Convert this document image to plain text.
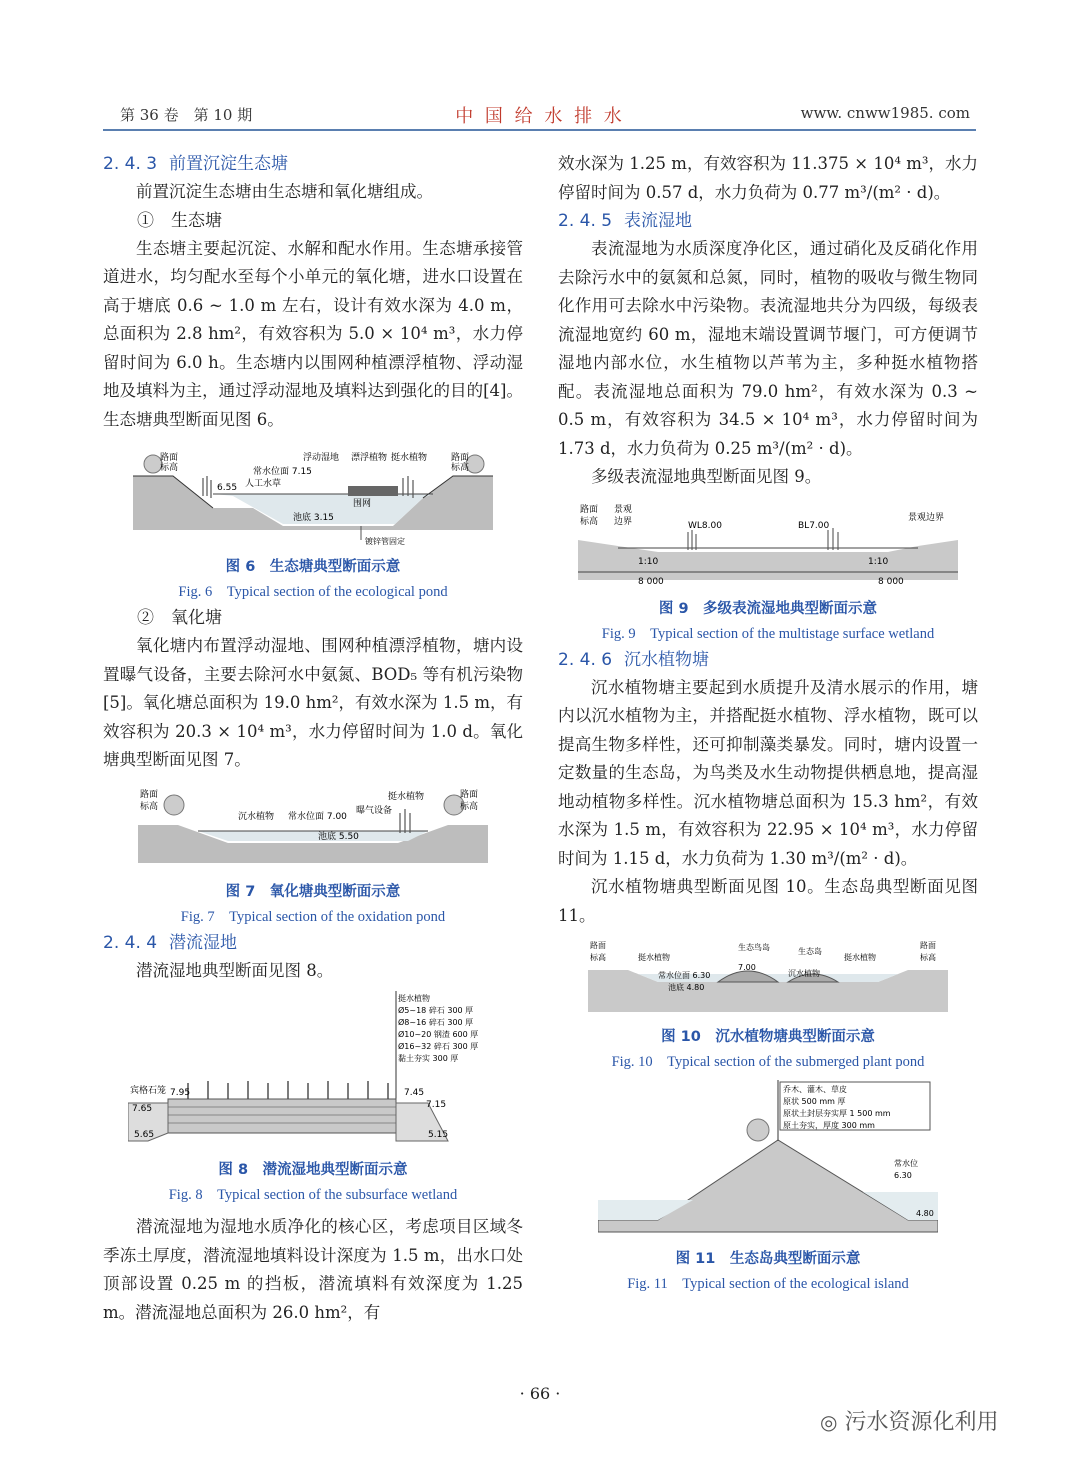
第 36 卷　第 10 期	中 国 给 水 排 水	www. cnww1985. com
2. 4. 3 前置沉淀生态塘
前置沉淀生态塘由生态塘和氧化塘组成。
①　生态塘
生态塘主要起沉淀、水解和配水作用。生态塘承接管道进水，均匀配水至每个小单元的氧化塘，进水口设置在高于塘底 0.6 ~ 1.0 m 左右，设计有效水深为 4.0 m，总面积为 2.8 hm²，有效容积为 5.0 × 10⁴ m³，水力停留时间为 6.0 h。生态塘内以围网种植漂浮植物、浮动湿地及填料为主，通过浮动湿地及填料达到强化的目的[4]。生态塘典型断面见图 6。
路面
标高	常水位面 7.15
浮动湿地 漂浮植物 挺水植物
6.55 人工水草
围网
池底 3.15
镀锌管固定
路面
标高
图 6　生态塘典型断面示意
Fig. 6　Typical section of the ecological pond
②　氧化塘
氧化塘内布置浮动湿地、围网种植漂浮植物，塘内设置曝气设备，主要去除河水中氨氮、BOD₅ 等有机污染物[5]。氧化塘总面积为 19.0 hm²，有效水深为 1.5 m，有效容积为 20.3 × 10⁴ m³，水力停留时间为 1.0 d。氧化塘典型断面见图 7。
路面
标高
挺水植物
沉水植物 常水位面 7.00
曝气设备
池底 5.50
路面
标高
图 7　氧化塘典型断面示意
Fig. 7　Typical section of the oxidation pond
2. 4. 4 潜流湿地
潜流湿地典型断面见图 8。
挺水植物
Ø5~18 碎石 300 厚
Ø8~16 碎石 300 厚
Ø10~20 钢渣 600 厚
Ø16~32 碎石 300 厚
黏土夯实 300 厚
宾格石笼
7.65
7.95
5.65
7.45
7.15
5.15
图 8　潜流湿地典型断面示意
Fig. 8　Typical section of the subsurface wetland
潜流湿地为湿地水质净化的核心区，考虑项目区域冬季冻土厚度，潜流湿地填料设计深度为 1.5 m，出水口处顶部设置 0.25 m 的挡板，潜流填料有效深度为 1.25 m。潜流湿地总面积为 26.0 hm²，有
效水深为 1.25 m，有效容积为 11.375 × 10⁴ m³，水力停留时间为 0.57 d，水力负荷为 0.77 m³/(m² · d)。
2. 4. 5 表流湿地
表流湿地为水质深度净化区，通过硝化及反硝化作用去除污水中的氨氮和总氮，同时，植物的吸收与微生物同化作用可去除水中污染物。表流湿地共分为四级，每级表流湿地宽约 60 m，湿地末端设置调节堰门，可方便调节湿地内部水位，水生植物以芦苇为主，多种挺水植物搭配。表流湿地总面积为 79.0 hm²，有效水深为 0.3 ~ 0.5 m，有效容积为 34.5 × 10⁴ m³，水力停留时间为 1.73 d，水力负荷为 0.25 m³/(m² · d)。
多级表流湿地典型断面见图 9。
路面
标高
景观
边界	WL8.00
1:10
8 000
BL7.00
1:10
8 000
景观边界
图 9　多级表流湿地典型断面示意
Fig. 9　Typical section of the multistage surface wetland
2. 4. 6 沉水植物塘
沉水植物塘主要起到水质提升及清水展示的作用，塘内以沉水植物为主，并搭配挺水植物、浮水植物，既可以提高生物多样性，还可抑制藻类暴发。同时，塘内设置一定数量的生态岛，为鸟类及水生动物提供栖息地，提高湿地动植物多样性。沉水植物塘总面积为 15.3 hm²，有效水深为 1.5 m，有效容积为 22.95 × 10⁴ m³，水力停留时间为 1.15 d，水力负荷为 1.30 m³/(m² · d)。
沉水植物塘典型断面见图 10。生态岛典型断面见图 11。
路面
标高	挺水植物
生态鸟岛
7.00
生态岛
常水位面 6.30
池底 4.80
沉水植物
挺水植物
路面
标高
图 10　沉水植物塘典型断面示意
Fig. 10　Typical section of the submerged plant pond
乔木、灌木、草皮
原状 500 mm 厚
原状土封层夯实厚 1 500 mm
原土夯实，厚度 300 mm
常水位
6.30
4.80
图 11　生态岛典型断面示意
Fig. 11　Typical section of the ecological island
· 66 ·
◎ 污水资源化利用
